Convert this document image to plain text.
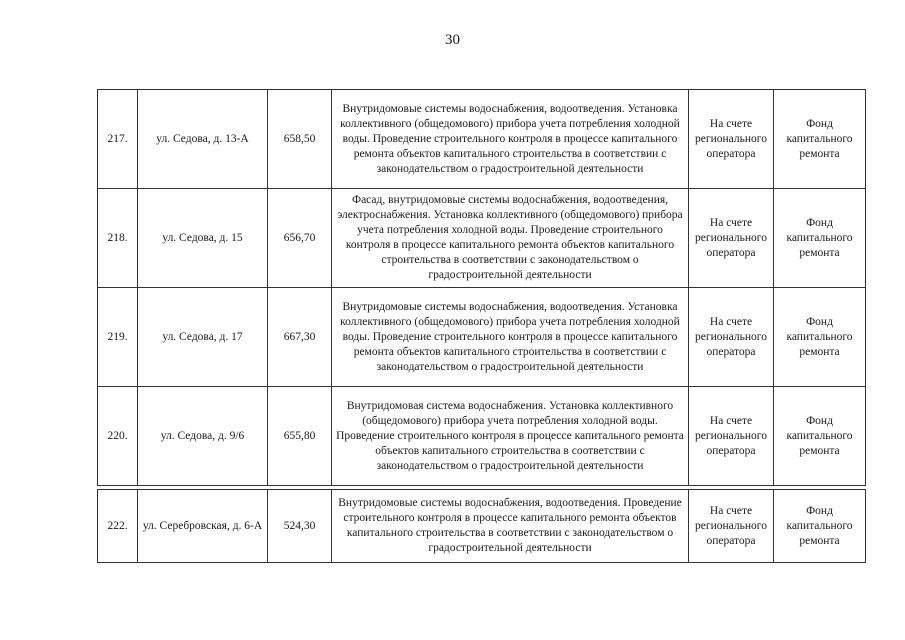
30
217.	ул. Седова, д. 13-А	658,50	Внутридомовые системы водоснабжения, водоотведения. Установка коллективного (общедомового) прибора учета потребления холодной воды. Проведение строительного контроля в процессе капитального ремонта объектов капитального строительства в соответствии с законодательством о градостроительной деятельности	На счете регионального оператора	Фонд капитального ремонта
218.	ул. Седова, д. 15	656,70	Фасад, внутридомовые системы водоснабжения, водоотведения, электроснабжения. Установка коллективного (общедомового) прибора учета потребления холодной воды. Проведение строительного контроля в процессе капитального ремонта объектов капитального строительства в соответствии с законодательством о градостроительной деятельности	На счете регионального оператора	Фонд капитального ремонта
219.	ул. Седова, д. 17	667,30	Внутридомовые системы водоснабжения, водоотведения. Установка коллективного (общедомового) прибора учета потребления холодной воды. Проведение строительного контроля в процессе капитального ремонта объектов капитального строительства в соответствии с законодательством о градостроительной деятельности	На счете регионального оператора	Фонд капитального ремонта
220.	ул. Седова, д. 9/6	655,80	Внутридомовая система водоснабжения. Установка коллективного (общедомового) прибора учета потребления холодной воды. Проведение строительного контроля в процессе капитального ремонта объектов капитального строительства в соответствии с законодательством о градостроительной деятельности	На счете регионального оператора	Фонд капитального ремонта

222.	ул. Серебровская, д. 6-А	524,30	Внутридомовые системы водоснабжения, водоотведения. Проведение строительного контроля в процессе капитального ремонта объектов капитального строительства в соответствии с законодательством о градостроительной деятельности	На счете регионального оператора	Фонд капитального ремонта
